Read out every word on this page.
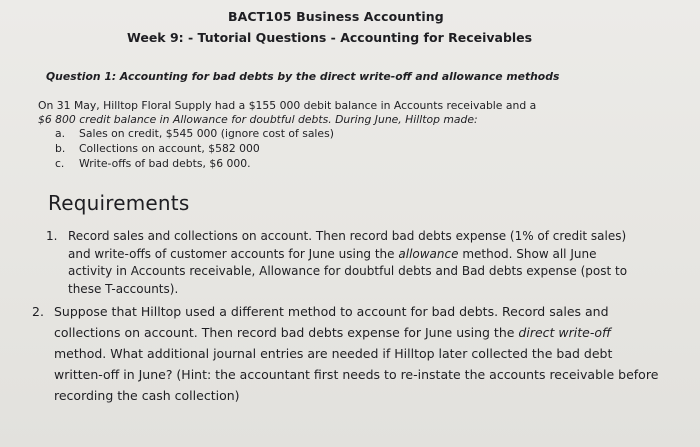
BACT105 Business Accounting
Week 9: - Tutorial Questions - Accounting for Receivables
Question 1: Accounting for bad debts by the direct write-off and allowance methods
On 31 May, Hilltop Floral Supply had a $155 000 debit balance in Accounts receivable and a
$6 800 credit balance in Allowance for doubtful debts. During June, Hilltop made:
a.	Sales on credit, $545 000 (ignore cost of sales)
b.	Collections on account, $582 000
c.	Write-offs of bad debts, $6 000.
Requirements
1. Record sales and collections on account. Then record bad debts expense (1% of credit sales) and write-offs of customer accounts for June using the allowance method. Show all June activity in Accounts receivable, Allowance for doubtful debts and Bad debts expense (post to these T-accounts).
2. Suppose that Hilltop used a different method to account for bad debts. Record sales and collections on account. Then record bad debts expense for June using the direct write-off method. What additional journal entries are needed if Hilltop later collected the bad debt written-off in June? (Hint: the accountant first needs to re-instate the accounts receivable before recording the cash collection)
